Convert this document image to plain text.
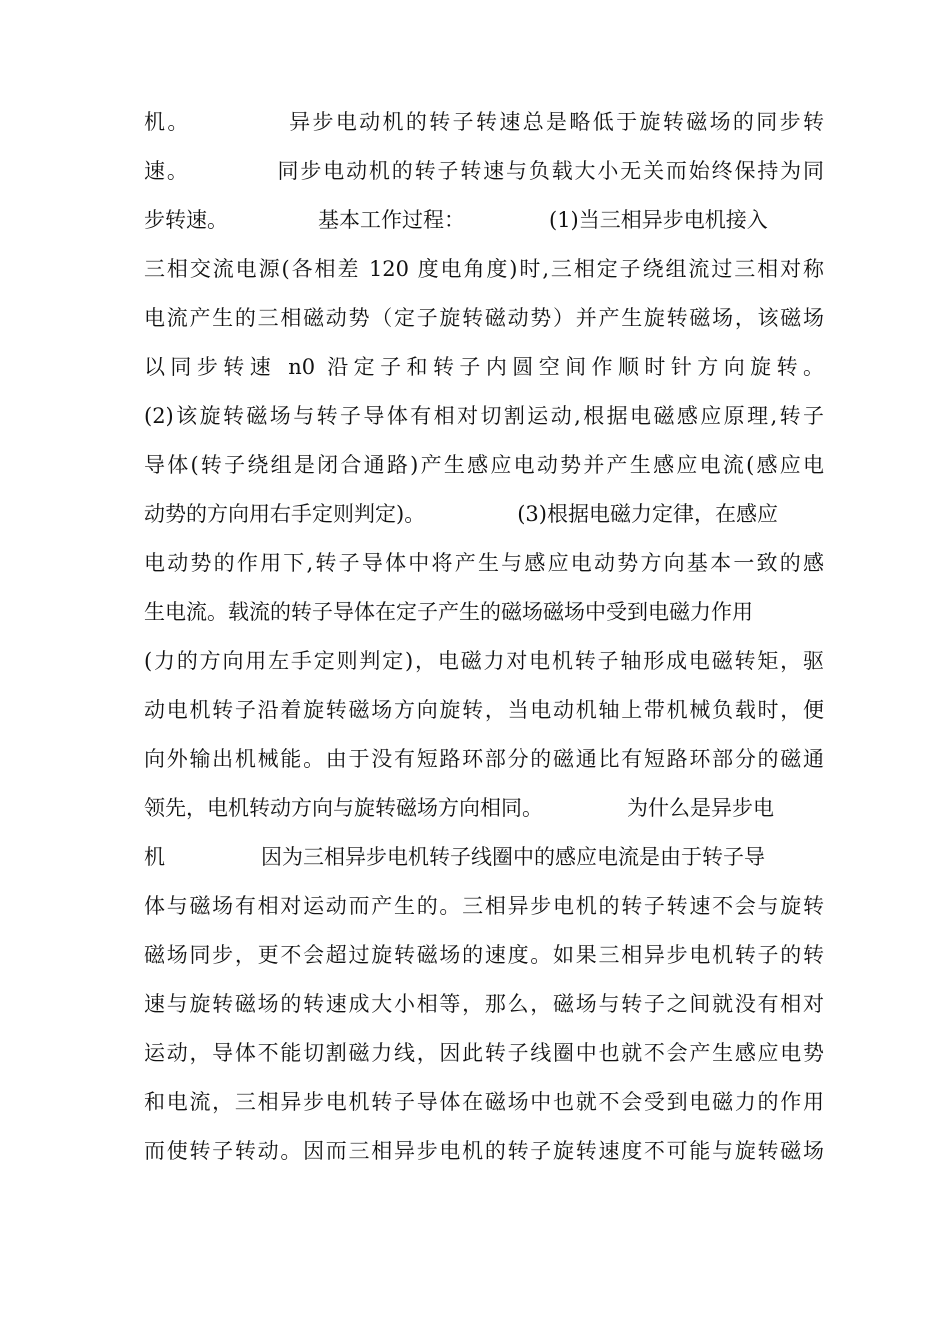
机。	异步电动机的转子转速总是略低于旋转磁场的同步转
速。	同步电动机的转子转速与负载大小无关而始终保持为同
步转速。	基本工作过程：	(1)当三相异步电机接入
三相交流电源(各相差 120 度电角度)时,三相定子绕组流过三相对称
电流产生的三相磁动势（定子旋转磁动势）并产生旋转磁场，该磁场
以同步转速 n0 沿定子和转子内圆空间作顺时针方向旋转。
(2)该旋转磁场与转子导体有相对切割运动,根据电磁感应原理,转子
导体(转子绕组是闭合通路)产生感应电动势并产生感应电流(感应电
动势的方向用右手定则判定)。	(3)根据电磁力定律，在感应
电动势的作用下,转子导体中将产生与感应电动势方向基本一致的感
生电流。载流的转子导体在定子产生的磁场磁场中受到电磁力作用
(力的方向用左手定则判定)，电磁力对电机转子轴形成电磁转矩，驱
动电机转子沿着旋转磁场方向旋转，当电动机轴上带机械负载时，便
向外输出机械能。由于没有短路环部分的磁通比有短路环部分的磁通
领先，电机转动方向与旋转磁场方向相同。	为什么是异步电
机	因为三相异步电机转子线圈中的感应电流是由于转子导
体与磁场有相对运动而产生的。三相异步电机的转子转速不会与旋转
磁场同步，更不会超过旋转磁场的速度。如果三相异步电机转子的转
速与旋转磁场的转速成大小相等，那么，磁场与转子之间就没有相对
运动，导体不能切割磁力线，因此转子线圈中也就不会产生感应电势
和电流，三相异步电机转子导体在磁场中也就不会受到电磁力的作用
而使转子转动。因而三相异步电机的转子旋转速度不可能与旋转磁场
